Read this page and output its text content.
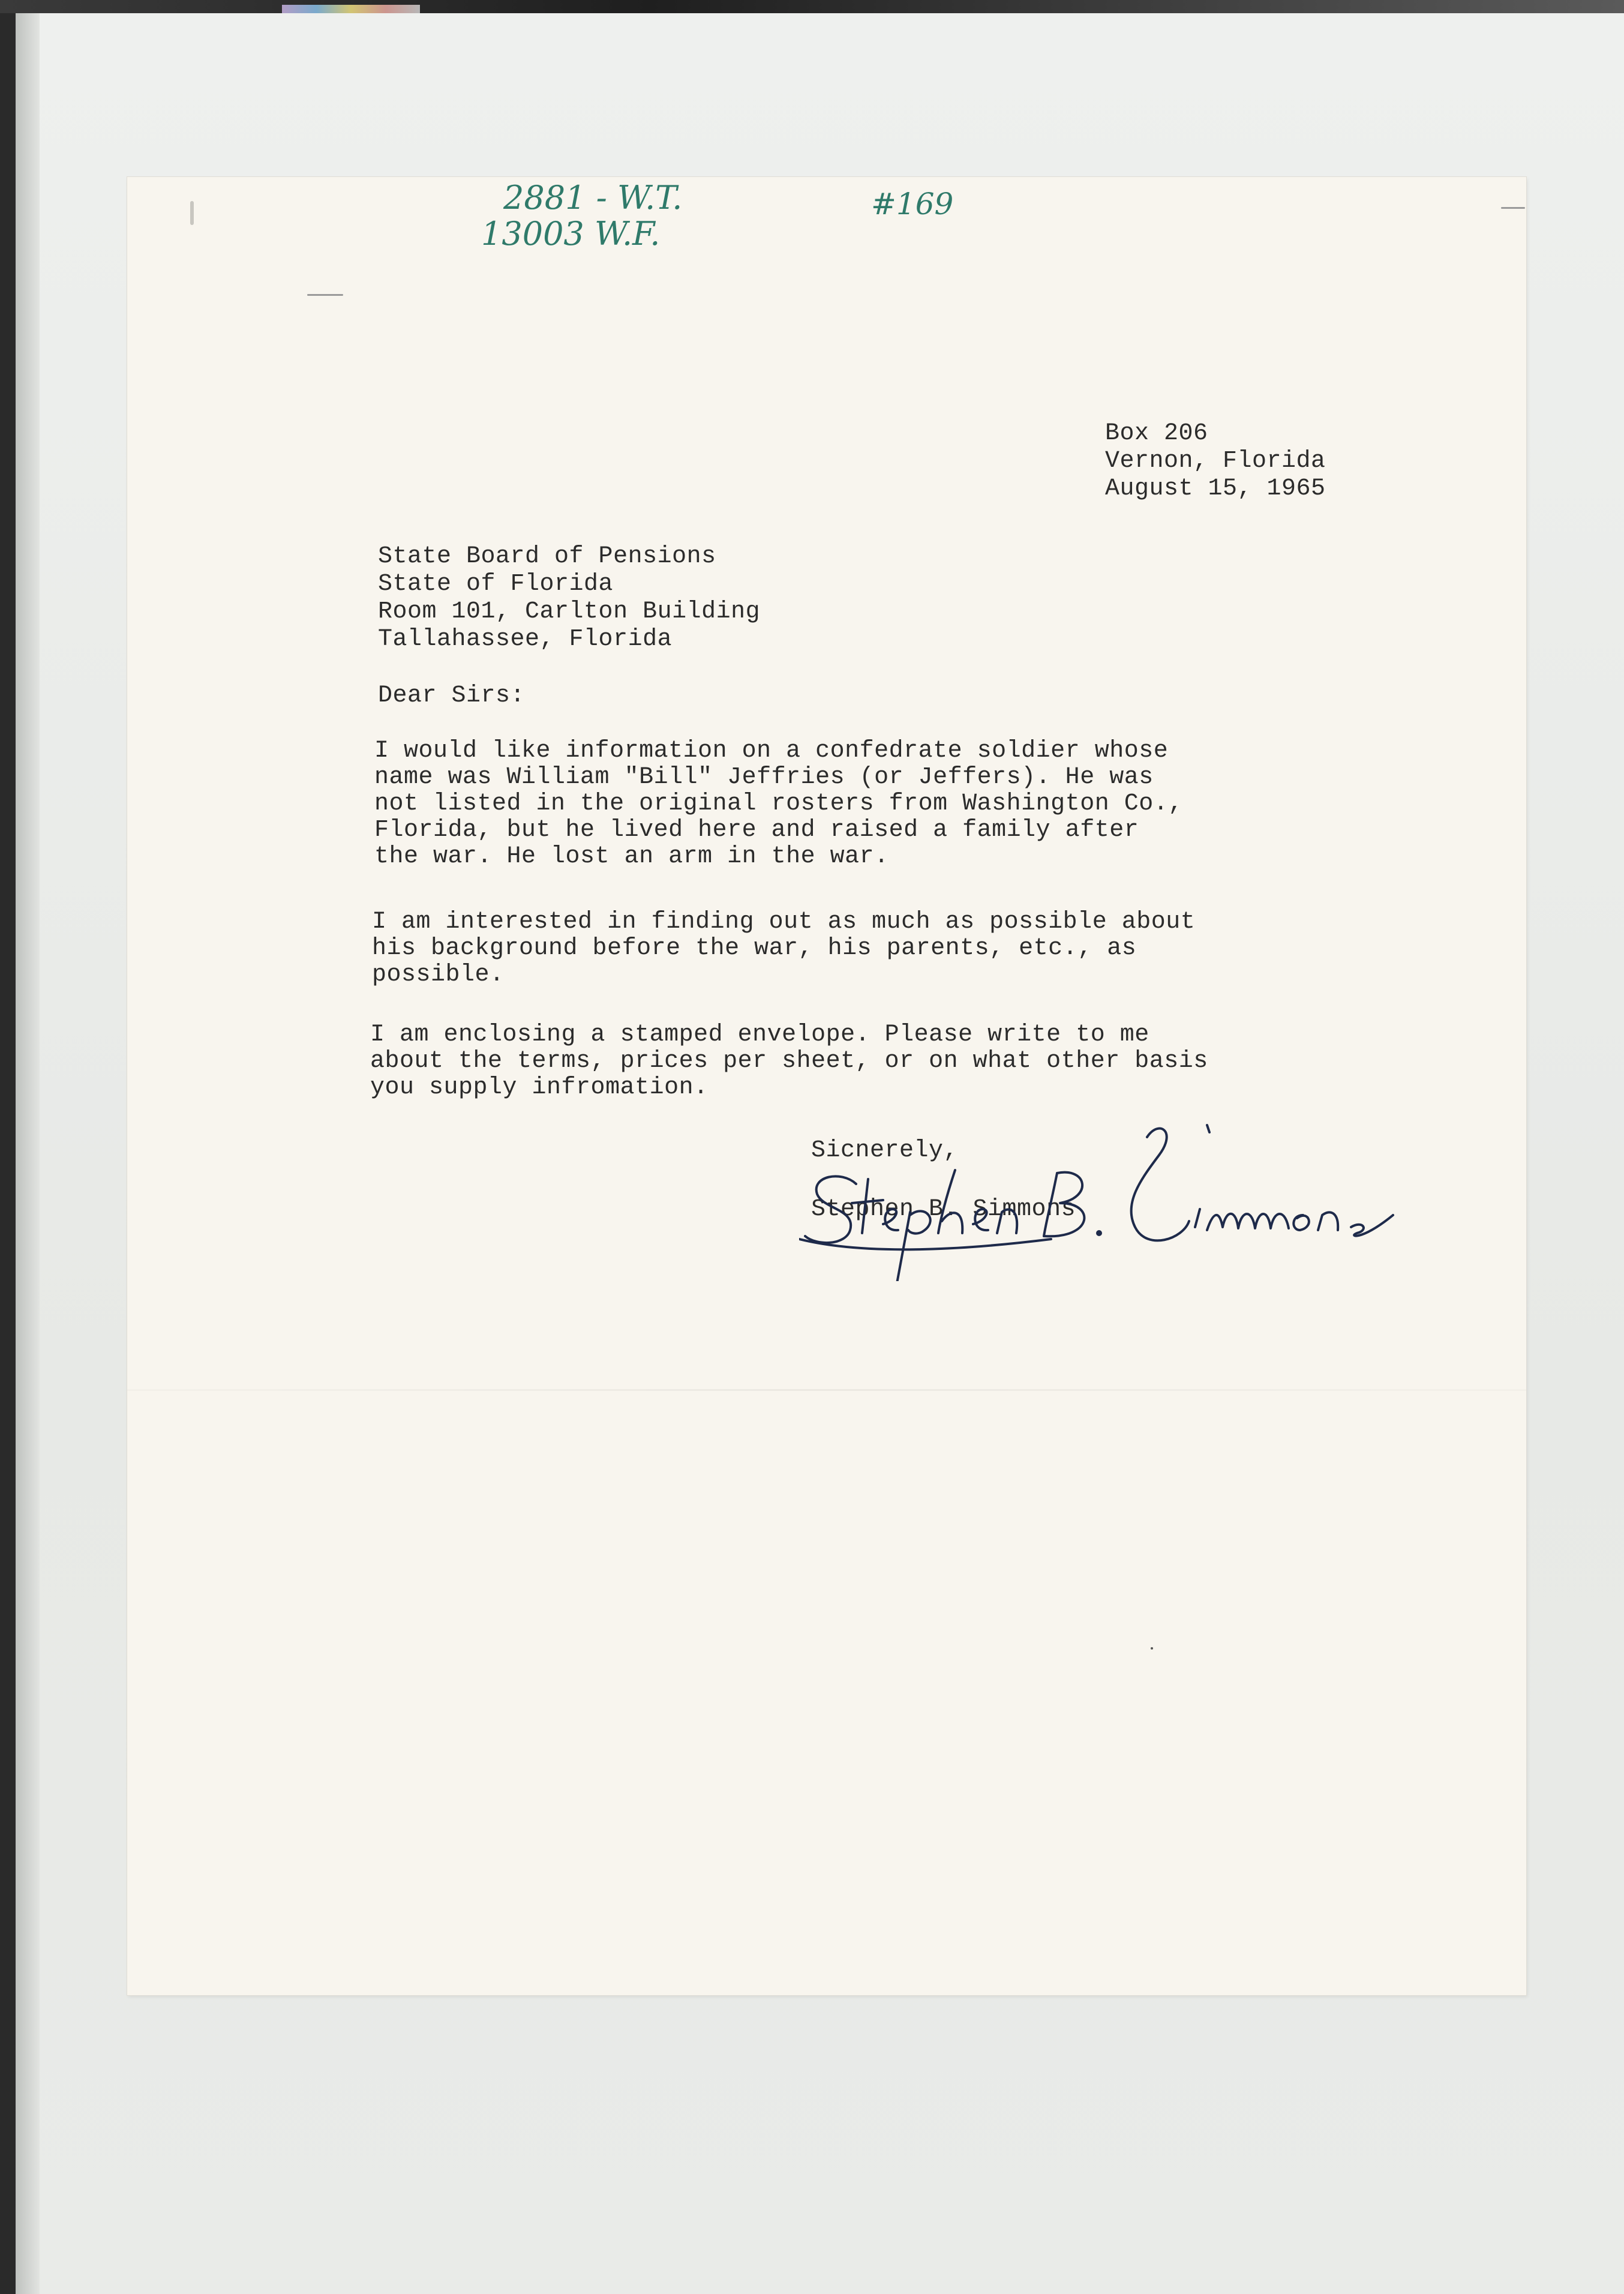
2881 - W.T.
13003 W.F.
#169
Box 206
Vernon, Florida
August 15, 1965
State Board of Pensions
State of Florida
Room 101, Carlton Building
Tallahassee, Florida
Dear Sirs:
I would like information on a confedrate soldier whose
name was William "Bill" Jeffries (or Jeffers). He was
not listed in the original rosters from Washington Co.,
Florida, but he lived here and raised a family after
the war. He lost an arm in the war.
I am interested in finding out as much as possible about
his background before the war, his parents, etc., as
possible.
I am enclosing a stamped envelope. Please write to me
about the terms, prices per sheet, or on what other basis
you supply infromation.
Sicnerely,
Stephen B. Simmons
